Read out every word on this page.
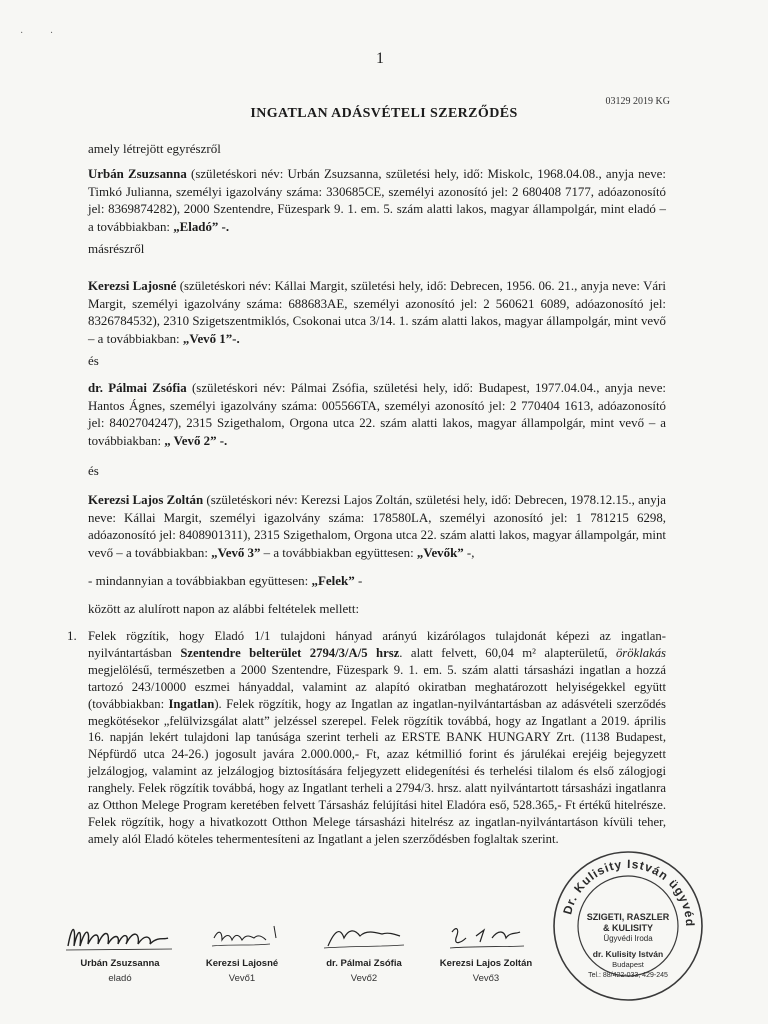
· ·
1
03129 2019 KG
INGATLAN ADÁSVÉTELI SZERZŐDÉS
amely létrejött egyrészről
Urbán Zsuzsanna (születéskori név: Urbán Zsuzsanna, születési hely, idő: Miskolc, 1968.04.08., anyja neve: Timkó Julianna, személyi igazolvány száma: 330685CE, személyi azonosító jel: 2 680408 7177, adóazonosító jel: 8369874282), 2000 Szentendre, Füzespark 9. 1. em. 5. szám alatti lakos, magyar állampolgár, mint eladó – a továbbiakban: „Eladó” -.
másrészről
Kerezsi Lajosné (születéskori név: Kállai Margit, születési hely, idő: Debrecen, 1956. 06. 21., anyja neve: Vári Margit, személyi igazolvány száma: 688683AE, személyi azonosító jel: 2 560621 6089, adóazonosító jel: 8326784532), 2310 Szigetszentmiklós, Csokonai utca 3/14. 1. szám alatti lakos, magyar állampolgár, mint vevő – a továbbiakban: „Vevő 1”-.
és
dr. Pálmai Zsófia (születéskori név: Pálmai Zsófia, születési hely, idő: Budapest, 1977.04.04., anyja neve: Hantos Ágnes, személyi igazolvány száma: 005566TA, személyi azonosító jel: 2 770404 1613, adóazonosító jel: 8402704247), 2315 Szigethalom, Orgona utca 22. szám alatti lakos, magyar állampolgár, mint vevő – a továbbiakban: „ Vevő 2” -.
és
Kerezsi Lajos Zoltán (születéskori név: Kerezsi Lajos Zoltán, születési hely, idő: Debrecen, 1978.12.15., anyja neve: Kállai Margit, személyi igazolvány száma: 178580LA, személyi azonosító jel: 1 781215 6298, adóazonosító jel: 8408901311), 2315 Szigethalom, Orgona utca 22. szám alatti lakos, magyar állampolgár, mint vevő – a továbbiakban: „Vevő 3” – a továbbiakban együttesen: „Vevők” -,
- mindannyian a továbbiakban együttesen: „Felek” -
között az alulírott napon az alábbi feltételek mellett:
1. Felek rögzítik, hogy Eladó 1/1 tulajdoni hányad arányú kizárólagos tulajdonát képezi az ingatlan-nyilvántartásban Szentendre belterület 2794/3/A/5 hrsz. alatt felvett, 60,04 m² alapterületű, öröklakás megjelölésű, természetben a 2000 Szentendre, Füzespark 9. 1. em. 5. szám alatti társasházi ingatlan a hozzá tartozó 243/10000 eszmei hányaddal, valamint az alapító okiratban meghatározott helyiségekkel együtt (továbbiakban: Ingatlan). Felek rögzítik, hogy az Ingatlan az ingatlan-nyilvántartásban az adásvételi szerződés megkötésekor „felülvizsgálat alatt” jelzéssel szerepel. Felek rögzítik továbbá, hogy az Ingatlant a 2019. április 16. napján lekért tulajdoni lap tanúsága szerint terheli az ERSTE BANK HUNGARY Zrt. (1138 Budapest, Népfürdő utca 24-26.) jogosult javára 2.000.000,- Ft, azaz kétmillió forint és járulékai erejéig bejegyzett jelzálogjog, valamint az jelzálogjog biztosítására feljegyzett elidegenítési és terhelési tilalom és első zálogjogi ranghely. Felek rögzítik továbbá, hogy az Ingatlant terheli a 2794/3. hrsz. alatt nyilvántartott társasházi ingatlanra az Otthon Melege Program keretében felvett Társasház felújítási hitel Eladóra eső, 528.365,- Ft értékű hitelrésze. Felek rögzítik, hogy a hivatkozott Otthon Melege társasházi hitelrész az ingatlan-nyilvántartáson kívüli teher, amely alól Eladó köteles tehermentesíteni az Ingatlant a jelen szerződésben foglaltak szerint.
Urbán Zsuzsanna
eladó
Kerezsi Lajosné
Vevő1
dr. Pálmai Zsófia
Vevő2
Kerezsi Lajos Zoltán
Vevő3
Dr. Kulisity István ügyvéd
SZIGETI, RASZLER
& KULISITY
Ügyvédi Iroda
dr. Kulisity István
Budapest
Tel.: 88/422-033, 429-245
